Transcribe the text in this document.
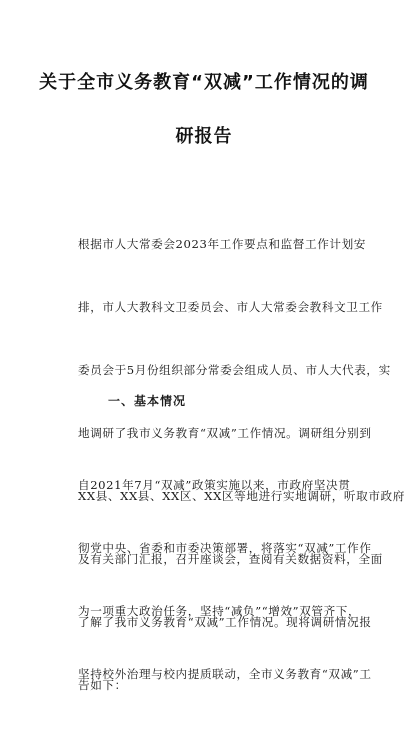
关于全市义务教育“双减”工作情况的调
研报告

根据市人大常委会2023年工作要点和监督工作计划安

排，市人大教科文卫委员会、市人大常委会教科文卫工作

委员会于5月份组织部分常委会组成人员、市人大代表，实

地调研了我市义务教育“双减”工作情况。调研组分别到

XX县、XX县、XX区、XX区等地进行实地调研，听取市政府

及有关部门汇报，召开座谈会，查阅有关数据资料，全面

了解了我市义务教育“双减”工作情况。现将调研情况报

告如下：

一、基本情况

自2021年7月“双减”政策实施以来，市政府坚决贯

彻党中央、省委和市委决策部署，将落实“双减”工作作

为一项重大政治任务，坚持“减负”“增效”双管齐下，

坚持校外治理与校内提质联动，全市义务教育“双减”工
